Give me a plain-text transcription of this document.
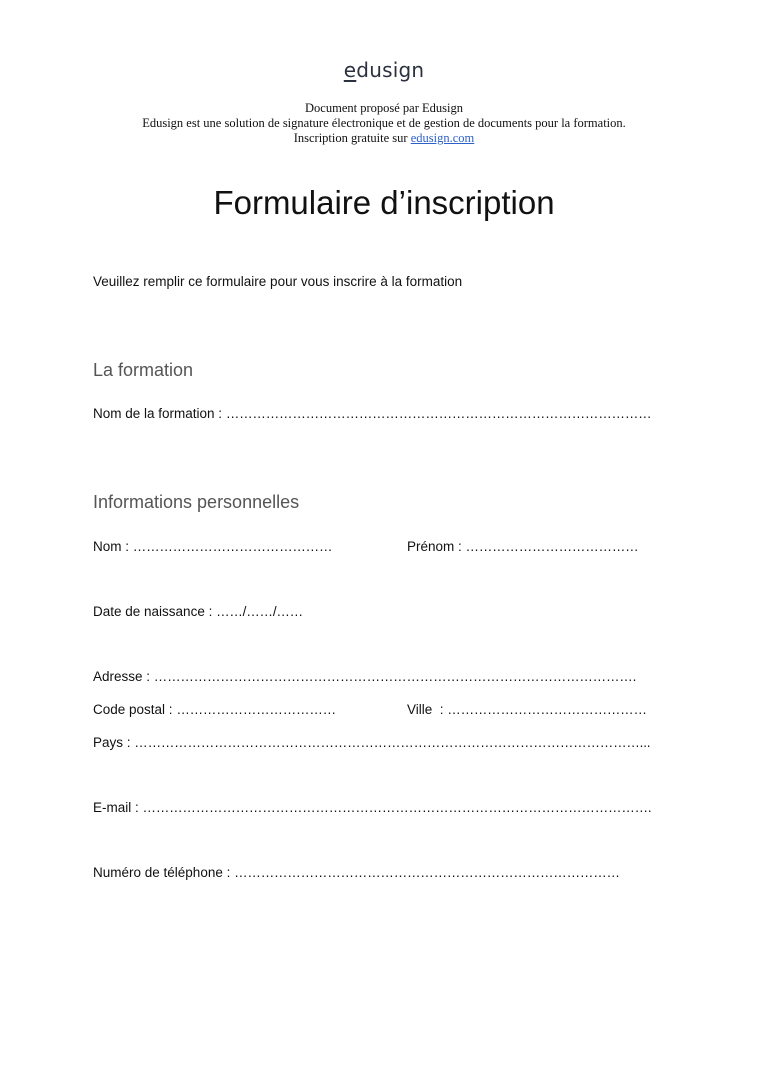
edusign
Document proposé par Edusign
Edusign est une solution de signature électronique et de gestion de documents pour la formation.
Inscription gratuite sur edusign.com
Formulaire d’inscription
Veuillez remplir ce formulaire pour vous inscrire à la formation
La formation
Nom de la formation : ……………………………………………………………………………………
Informations personnelles
Nom : ………………………………………	Prénom : …………………………………
Date de naissance : ……/……/……
Adresse : ……………………………………………………………………………………………….
Code postal : ………………………………	Ville  : ………………………………………
Pays : ……………………………………………………………………………………………………...
E-mail : …………………………………………………………………………………………………….
Numéro de téléphone : ……………………………………………………………………………
